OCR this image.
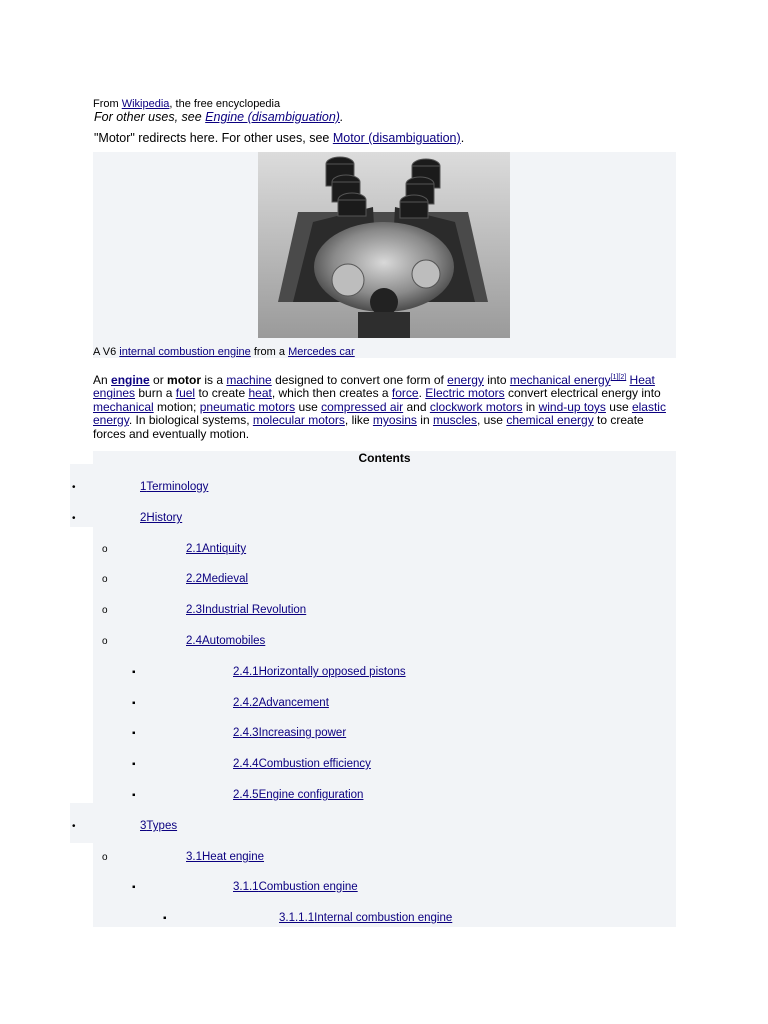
From Wikipedia, the free encyclopedia
For other uses, see Engine (disambiguation).
"Motor" redirects here. For other uses, see Motor (disambiguation).
A V6 internal combustion engine from a Mercedes car
An engine or motor is a machine designed to convert one form of energy into mechanical energy[1][2] Heat engines burn a fuel to create heat, which then creates a force. Electric motors convert electrical energy into mechanical motion; pneumatic motors use compressed air and clockwork motors in wind-up toys use elastic energy. In biological systems, molecular motors, like myosins in muscles, use chemical energy to create forces and eventually motion.
Contents
•	1Terminology
•	2History
o	2.1Antiquity
o	2.2Medieval
o	2.3Industrial Revolution
o	2.4Automobiles
▪	2.4.1Horizontally opposed pistons
▪	2.4.2Advancement
▪	2.4.3Increasing power
▪	2.4.4Combustion efficiency
▪	2.4.5Engine configuration
•	3Types
o	3.1Heat engine
▪	3.1.1Combustion engine
▪	3.1.1.1Internal combustion engine
